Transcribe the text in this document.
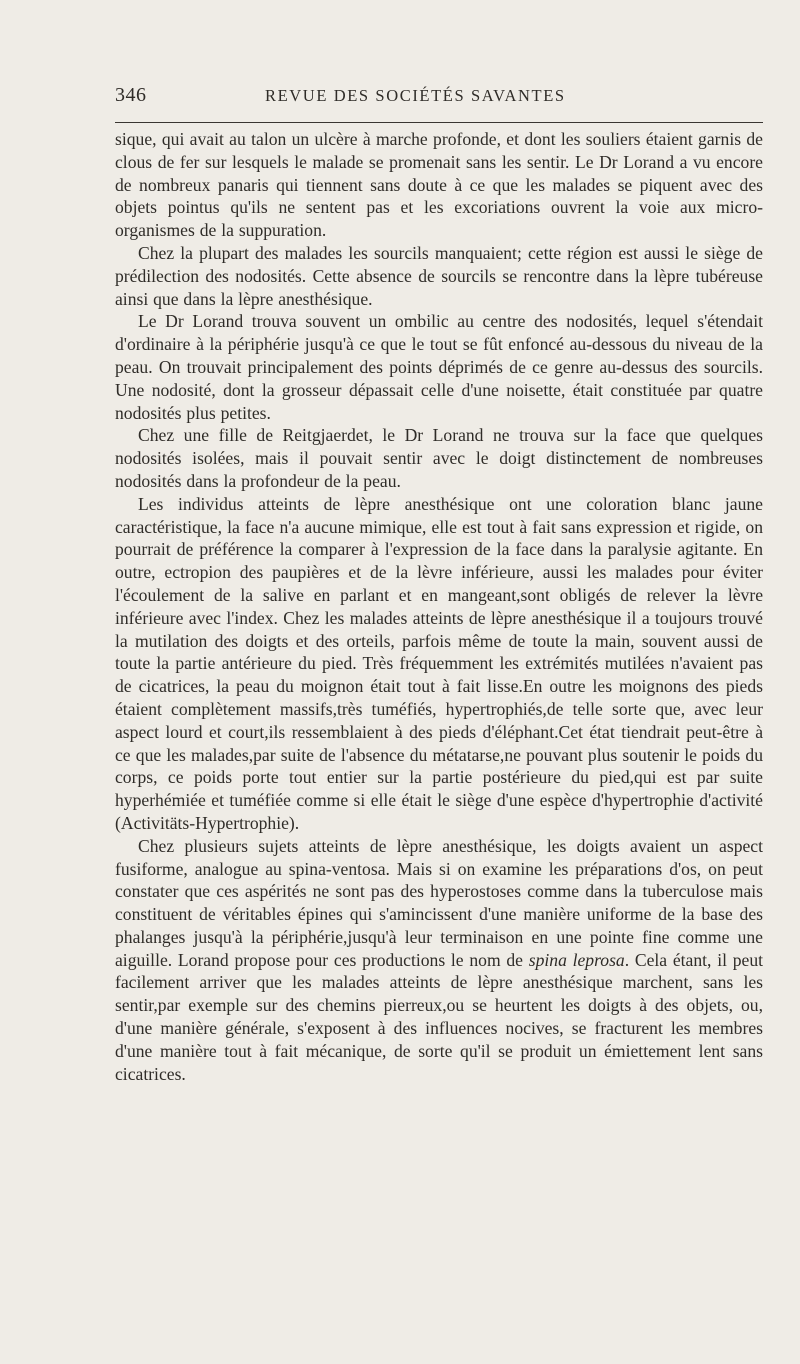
346	REVUE DES SOCIÉTÉS SAVANTES

sique, qui avait au talon un ulcère à marche profonde, et dont les souliers étaient garnis de clous de fer sur lesquels le malade se promenait sans les sentir. Le Dr Lorand a vu encore de nombreux panaris qui tiennent sans doute à ce que les malades se piquent avec des objets pointus qu'ils ne sentent pas et les excoriations ouvrent la voie aux micro-organismes de la suppuration.

Chez la plupart des malades les sourcils manquaient; cette région est aussi le siège de prédilection des nodosités. Cette absence de sourcils se rencontre dans la lèpre tubéreuse ainsi que dans la lèpre anesthésique.

Le Dr Lorand trouva souvent un ombilic au centre des nodosités, lequel s'étendait d'ordinaire à la périphérie jusqu'à ce que le tout se fût enfoncé au-dessous du niveau de la peau. On trouvait principalement des points déprimés de ce genre au-dessus des sourcils. Une nodosité, dont la grosseur dépassait celle d'une noisette, était constituée par quatre nodosités plus petites.

Chez une fille de Reitgjaerdet, le Dr Lorand ne trouva sur la face que quelques nodosités isolées, mais il pouvait sentir avec le doigt distinctement de nombreuses nodosités dans la profondeur de la peau.

Les individus atteints de lèpre anesthésique ont une coloration blanc jaune caractéristique, la face n'a aucune mimique, elle est tout à fait sans expression et rigide, on pourrait de préférence la comparer à l'expression de la face dans la paralysie agitante. En outre, ectropion des paupières et de la lèvre inférieure, aussi les malades pour éviter l'écoulement de la salive en parlant et en mangeant,sont obligés de relever la lèvre inférieure avec l'index. Chez les malades atteints de lèpre anesthésique il a toujours trouvé la mutilation des doigts et des orteils, parfois même de toute la main, souvent aussi de toute la partie antérieure du pied. Très fréquemment les extrémités mutilées n'avaient pas de cicatrices, la peau du moignon était tout à fait lisse.En outre les moignons des pieds étaient complètement massifs,très tuméfiés, hypertrophiés,de telle sorte que, avec leur aspect lourd et court,ils ressemblaient à des pieds d'éléphant.Cet état tiendrait peut-être à ce que les malades,par suite de l'absence du métatarse,ne pouvant plus soutenir le poids du corps, ce poids porte tout entier sur la partie postérieure du pied,qui est par suite hyperhémiée et tuméfiée comme si elle était le siège d'une espèce d'hypertrophie d'activité (Activitäts-Hypertrophie).

Chez plusieurs sujets atteints de lèpre anesthésique, les doigts avaient un aspect fusiforme, analogue au spina-ventosa. Mais si on examine les préparations d'os, on peut constater que ces aspérités ne sont pas des hyperostoses comme dans la tuberculose mais constituent de véritables épines qui s'amincissent d'une manière uniforme de la base des phalanges jusqu'à la périphérie,jusqu'à leur terminaison en une pointe fine comme une aiguille. Lorand propose pour ces productions le nom de spina leprosa. Cela étant, il peut facilement arriver que les malades atteints de lèpre anesthésique marchent, sans les sentir,par exemple sur des chemins pierreux,ou se heurtent les doigts à des objets, ou, d'une manière générale, s'exposent à des influences nocives, se fracturent les membres d'une manière tout à fait mécanique, de sorte qu'il se produit un émiettement lent sans cicatrices.
